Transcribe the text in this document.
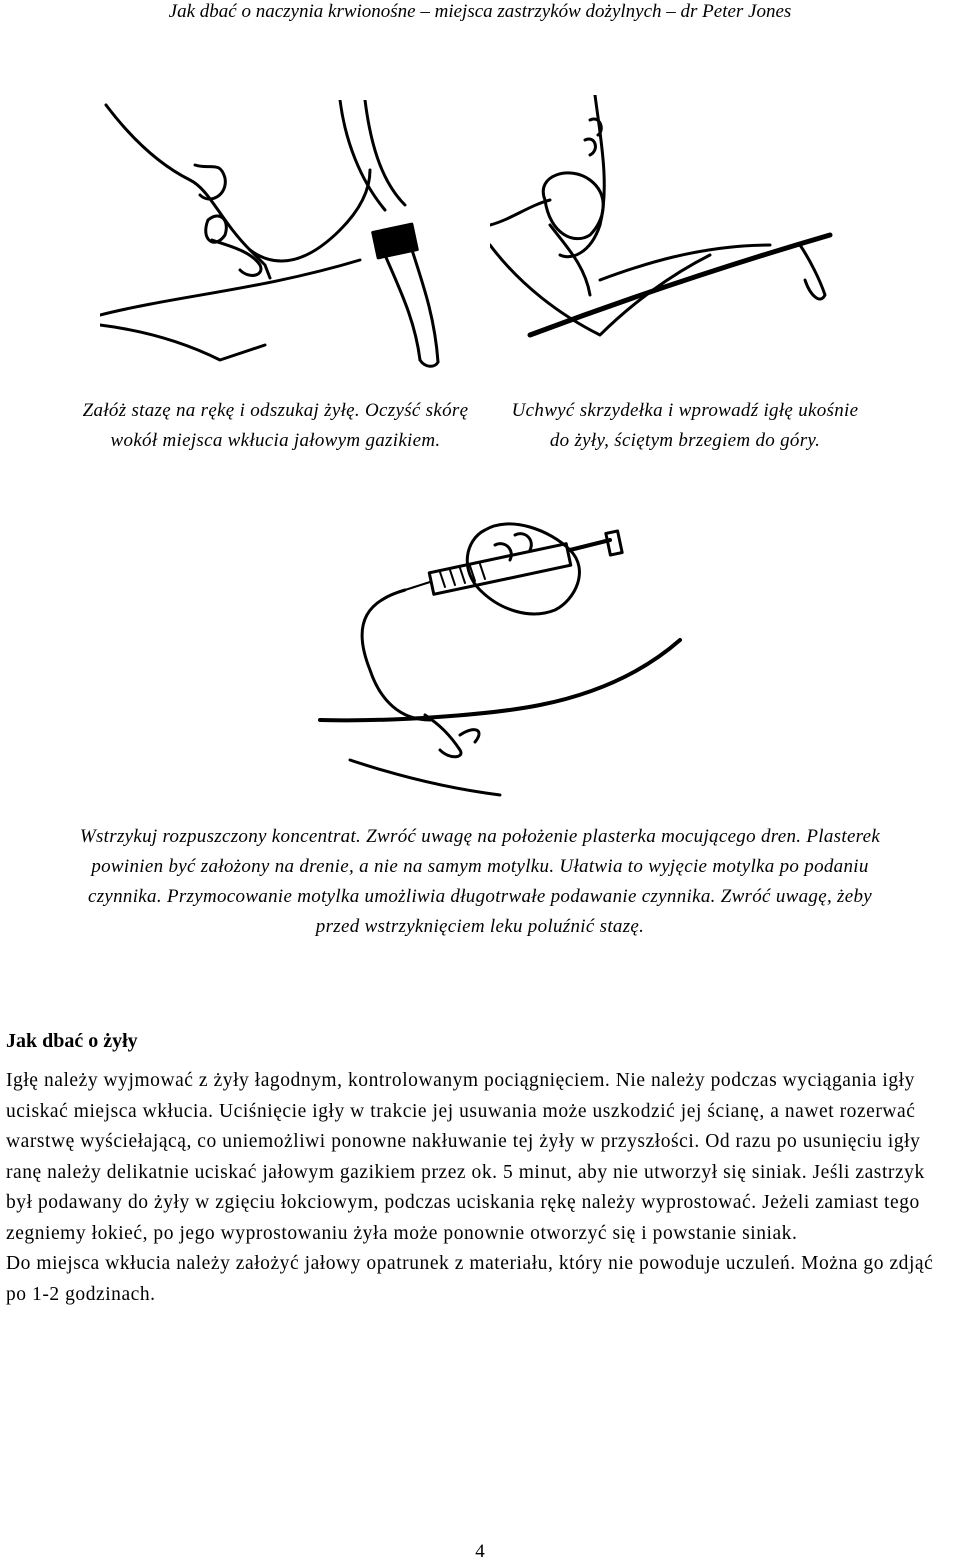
Jak dbać o naczynia krwionośne – miejsca zastrzyków dożylnych – dr Peter Jones
Załóż stazę na rękę i odszukaj żyłę. Oczyść skórę wokół miejsca wkłucia jałowym gazikiem.
Uchwyć skrzydełka i wprowadź igłę ukośnie do żyły, ściętym brzegiem do góry.
Wstrzykuj rozpuszczony koncentrat. Zwróć uwagę na położenie plasterka mocującego dren. Plasterek powinien być założony na drenie, a nie na samym motylku. Ułatwia to wyjęcie motylka po podaniu czynnika. Przymocowanie motylka umożliwia długotrwałe podawanie czynnika. Zwróć uwagę, żeby przed wstrzyknięciem leku poluźnić stazę.
Jak dbać o żyły

Igłę należy wyjmować z żyły łagodnym, kontrolowanym pociągnięciem. Nie należy podczas wyciągania igły uciskać miejsca wkłucia. Uciśnięcie igły w trakcie jej usuwania może uszkodzić jej ścianę, a nawet rozerwać warstwę wyściełającą, co uniemożliwi ponowne nakłuwanie tej żyły w przyszłości. Od razu po usunięciu igły ranę należy delikatnie uciskać jałowym gazikiem przez ok. 5 minut, aby nie utworzył się siniak. Jeśli zastrzyk był podawany do żyły w zgięciu łokciowym, podczas uciskania rękę należy wyprostować. Jeżeli zamiast tego zegniemy łokieć, po jego wyprostowaniu żyła może ponownie otworzyć się i powstanie siniak.

Do miejsca wkłucia należy założyć jałowy opatrunek z materiału, który nie powoduje uczuleń. Można go zdjąć po 1-2 godzinach.

4
